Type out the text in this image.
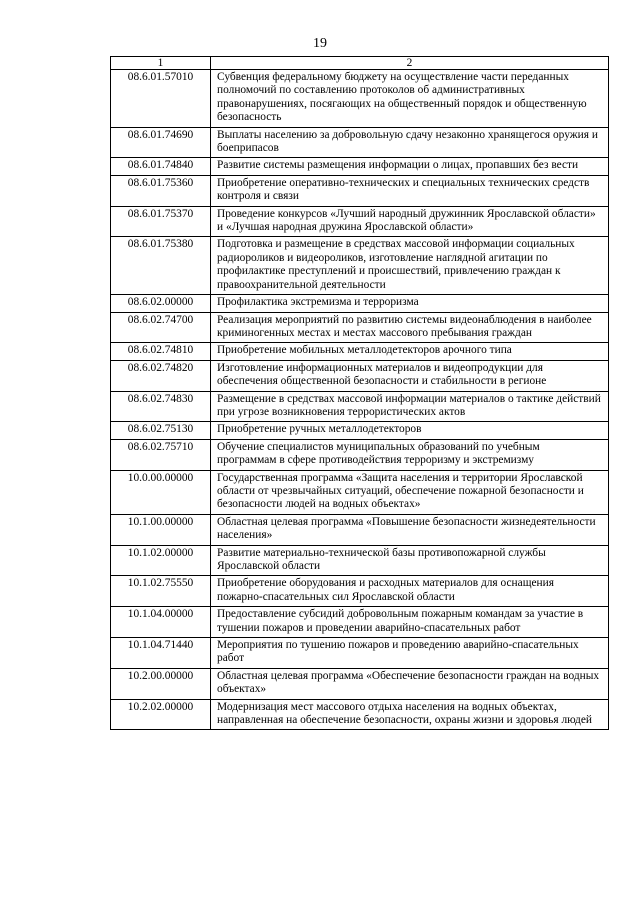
19
1	2
08.6.01.57010	Субвенция федеральному бюджету на осуществление части переданных полномочий по составлению протоколов об административных правонарушениях, посягающих на общественный порядок и общественную безопасность
08.6.01.74690	Выплаты населению за добровольную сдачу незаконно хранящегося оружия и боеприпасов
08.6.01.74840	Развитие системы размещения информации о лицах, пропавших без вести
08.6.01.75360	Приобретение оперативно-технических и специальных технических средств контроля и связи
08.6.01.75370	Проведение конкурсов «Лучший народный дружинник Ярославской области» и «Лучшая народная дружина Ярославской области»
08.6.01.75380	Подготовка и размещение в средствах массовой информации социальных радиороликов и видеороликов, изготовление наглядной агитации по профилактике преступлений и происшествий, привлечению граждан к правоохранительной деятельности
08.6.02.00000	Профилактика экстремизма и терроризма
08.6.02.74700	Реализация мероприятий по развитию системы видеонаблюдения в наиболее криминогенных местах и местах массового пребывания граждан
08.6.02.74810	Приобретение мобильных металлодетекторов арочного типа
08.6.02.74820	Изготовление информационных материалов и видеопродукции для обеспечения общественной безопасности и стабильности в регионе
08.6.02.74830	Размещение в средствах массовой информации материалов о тактике действий при угрозе возникновения террористических актов
08.6.02.75130	Приобретение ручных металлодетекторов
08.6.02.75710	Обучение специалистов муниципальных образований по учебным программам в сфере противодействия терроризму и экстремизму
10.0.00.00000	Государственная программа «Защита населения и территории Ярославской области от чрезвычайных ситуаций, обеспечение пожарной безопасности и безопасности людей на водных объектах»
10.1.00.00000	Областная целевая программа «Повышение безопасности жизнедеятельности населения»
10.1.02.00000	Развитие материально-технической базы противопожарной службы Ярославской области
10.1.02.75550	Приобретение оборудования и расходных материалов для оснащения пожарно-спасательных сил Ярославской области
10.1.04.00000	Предоставление субсидий добровольным пожарным командам за участие в тушении пожаров и проведении аварийно-спасательных работ
10.1.04.71440	Мероприятия по тушению пожаров и проведению аварийно-спасательных работ
10.2.00.00000	Областная целевая программа «Обеспечение безопасности граждан на водных объектах»
10.2.02.00000	Модернизация мест массового отдыха населения на водных объектах, направленная на обеспечение безопасности, охраны жизни и здоровья людей
